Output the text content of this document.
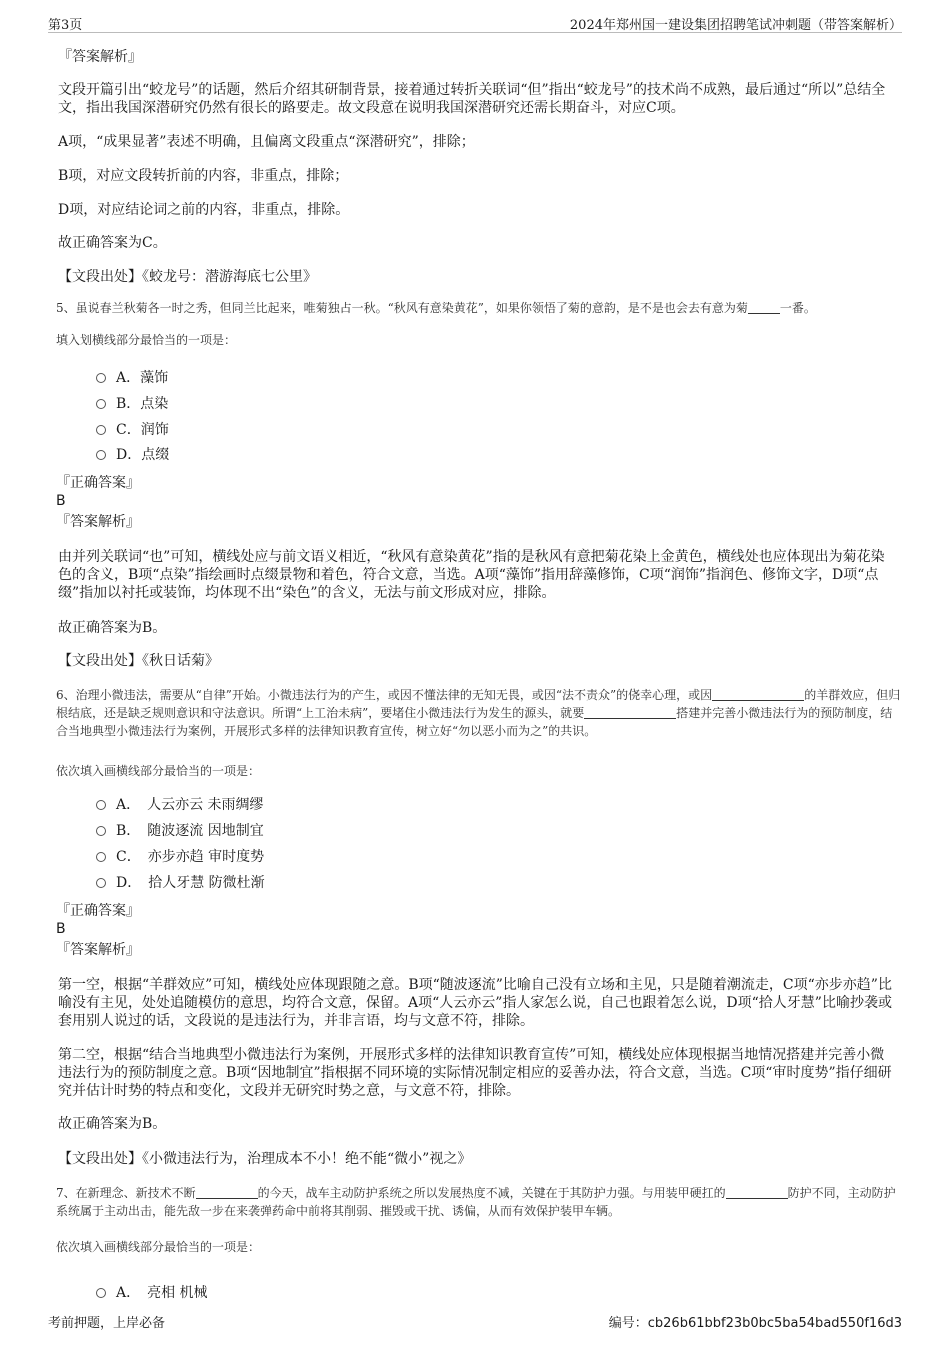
第3页	2024年郑州国一建设集团招聘笔试冲刺题（带答案解析）

『答案解析』

文段开篇引出“蛟龙号”的话题，然后介绍其研制背景，接着通过转折关联词“但”指出“蛟龙号”的技术尚不成熟，最后通过“所以”总结全文，指出我国深潜研究仍然有很长的路要走。故文段意在说明我国深潜研究还需长期奋斗，对应C项。

A项，“成果显著”表述不明确，且偏离文段重点“深潜研究”，排除；

B项，对应文段转折前的内容，非重点，排除；

D项，对应结论词之前的内容，非重点，排除。

故正确答案为C。

【文段出处】《蛟龙号：潜游海底七公里》

5、虽说春兰秋菊各一时之秀，但同兰比起来，唯菊独占一秋。“秋风有意染黄花”，如果你领悟了菊的意韵，是不是也会去有意为菊	一番。

填入划横线部分最恰当的一项是：

A．藻饰
B．点染
C．润饰
D．点缀

『正确答案』

B

『答案解析』

由并列关联词“也”可知，横线处应与前文语义相近，“秋风有意染黄花”指的是秋风有意把菊花染上金黄色，横线处也应体现出为菊花染色的含义，B项“点染”指绘画时点缀景物和着色，符合文意，当选。A项“藻饰”指用辞藻修饰，C项“润饰”指润色、修饰文字，D项“点缀”指加以衬托或装饰，均体现不出“染色”的含义，无法与前文形成对应，排除。

故正确答案为B。

【文段出处】《秋日话菊》

6、治理小微违法，需要从“自律”开始。小微违法行为的产生，或因不懂法律的无知无畏，或因“法不责众”的侥幸心理，或因	的羊群效应，但归根结底，还是缺乏规则意识和守法意识。所谓“上工治未病”，要堵住小微违法行为发生的源头，就要	搭建并完善小微违法行为的预防制度，结合当地典型小微违法行为案例，开展形式多样的法律知识教育宣传，树立好“勿以恶小而为之”的共识。

依次填入画横线部分最恰当的一项是：

A．　人云亦云 未雨绸缪
B．　随波逐流 因地制宜
C．　亦步亦趋 审时度势
D．　拾人牙慧 防微杜渐

『正确答案』

B

『答案解析』

第一空，根据“羊群效应”可知，横线处应体现跟随之意。B项“随波逐流”比喻自己没有立场和主见，只是随着潮流走，C项“亦步亦趋”比喻没有主见，处处追随模仿的意思，均符合文意，保留。A项“人云亦云”指人家怎么说，自己也跟着怎么说，D项“拾人牙慧”比喻抄袭或套用别人说过的话，文段说的是违法行为，并非言语，均与文意不符，排除。

第二空，根据“结合当地典型小微违法行为案例，开展形式多样的法律知识教育宣传”可知，横线处应体现根据当地情况搭建并完善小微违法行为的预防制度之意。B项“因地制宜”指根据不同环境的实际情况制定相应的妥善办法，符合文意，当选。C项“审时度势”指仔细研究并估计时势的特点和变化，文段并无研究时势之意，与文意不符，排除。

故正确答案为B。

【文段出处】《小微违法行为，治理成本不小！绝不能“微小”视之》

7、在新理念、新技术不断	的今天，战车主动防护系统之所以发展热度不减，关键在于其防护力强。与用装甲硬扛的	防护不同，主动防护系统属于主动出击，能先敌一步在来袭弹药命中前将其削弱、摧毁或干扰、诱偏，从而有效保护装甲车辆。

依次填入画横线部分最恰当的一项是：

A．　亮相 机械
考前押题，上岸必备	编号：cb26b61bbf23b0bc5ba54bad550f16d3
